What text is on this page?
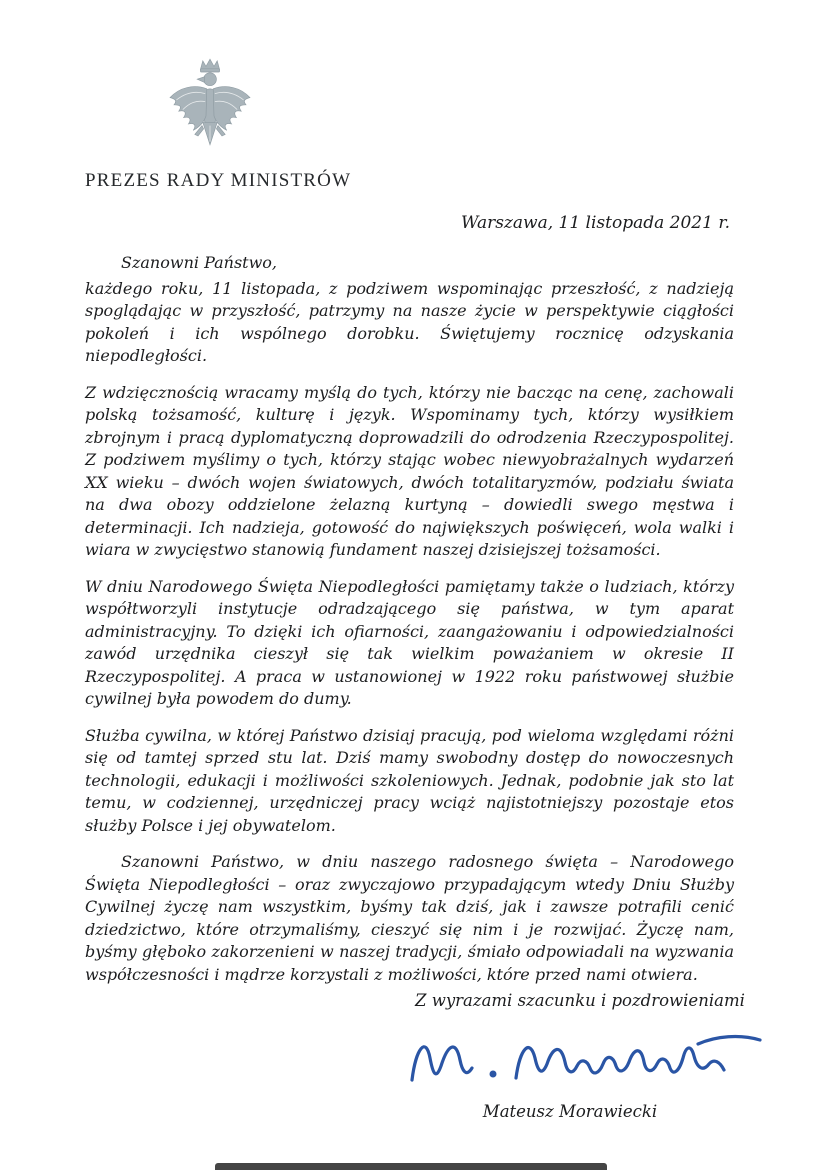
PREZES RADY MINISTRÓW
Warszawa, 11 listopada 2021 r.

Szanowni Państwo,

każdego roku, 11 listopada, z podziwem wspominając przeszłość, z nadzieją spoglądając w przyszłość, patrzymy na nasze życie w perspektywie ciągłości pokoleń i ich wspólnego dorobku. Świętujemy rocznicę odzyskania niepodległości.

Z wdzięcznością wracamy myślą do tych, którzy nie bacząc na cenę, zachowali polską tożsamość, kulturę i język. Wspominamy tych, którzy wysiłkiem zbrojnym i pracą dyplomatyczną doprowadzili do odrodzenia Rzeczypospolitej. Z podziwem myślimy o tych, którzy stając wobec niewyobrażalnych wydarzeń XX wieku – dwóch wojen światowych, dwóch totalitaryzmów, podziału świata na dwa obozy oddzielone żelazną kurtyną – dowiedli swego męstwa i determinacji. Ich nadzieja, gotowość do największych poświęceń, wola walki i wiara w zwycięstwo stanowią fundament naszej dzisiejszej tożsamości.

W dniu Narodowego Święta Niepodległości pamiętamy także o ludziach, którzy współtworzyli instytucje odradzającego się państwa, w tym aparat administracyjny. To dzięki ich ofiarności, zaangażowaniu i odpowiedzialności zawód urzędnika cieszył się tak wielkim poważaniem w okresie II Rzeczypospolitej. A praca w ustanowionej w 1922 roku państwowej służbie cywilnej była powodem do dumy.

Służba cywilna, w której Państwo dzisiaj pracują, pod wieloma względami różni się od tamtej sprzed stu lat. Dziś mamy swobodny dostęp do nowoczesnych technologii, edukacji i możliwości szkoleniowych. Jednak, podobnie jak sto lat temu, w codziennej, urzędniczej pracy wciąż najistotniejszy pozostaje etos służby Polsce i jej obywatelom.

Szanowni Państwo, w dniu naszego radosnego święta – Narodowego Święta Niepodległości – oraz zwyczajowo przypadającym wtedy Dniu Służby Cywilnej życzę nam wszystkim, byśmy tak dziś, jak i zawsze potrafili cenić dziedzictwo, które otrzymaliśmy, cieszyć się nim i je rozwijać. Życzę nam, byśmy głęboko zakorzenieni w naszej tradycji, śmiało odpowiadali na wyzwania współczesności i mądrze korzystali z możliwości, które przed nami otwiera.

Z wyrazami szacunku i pozdrowieniami
Mateusz Morawiecki
